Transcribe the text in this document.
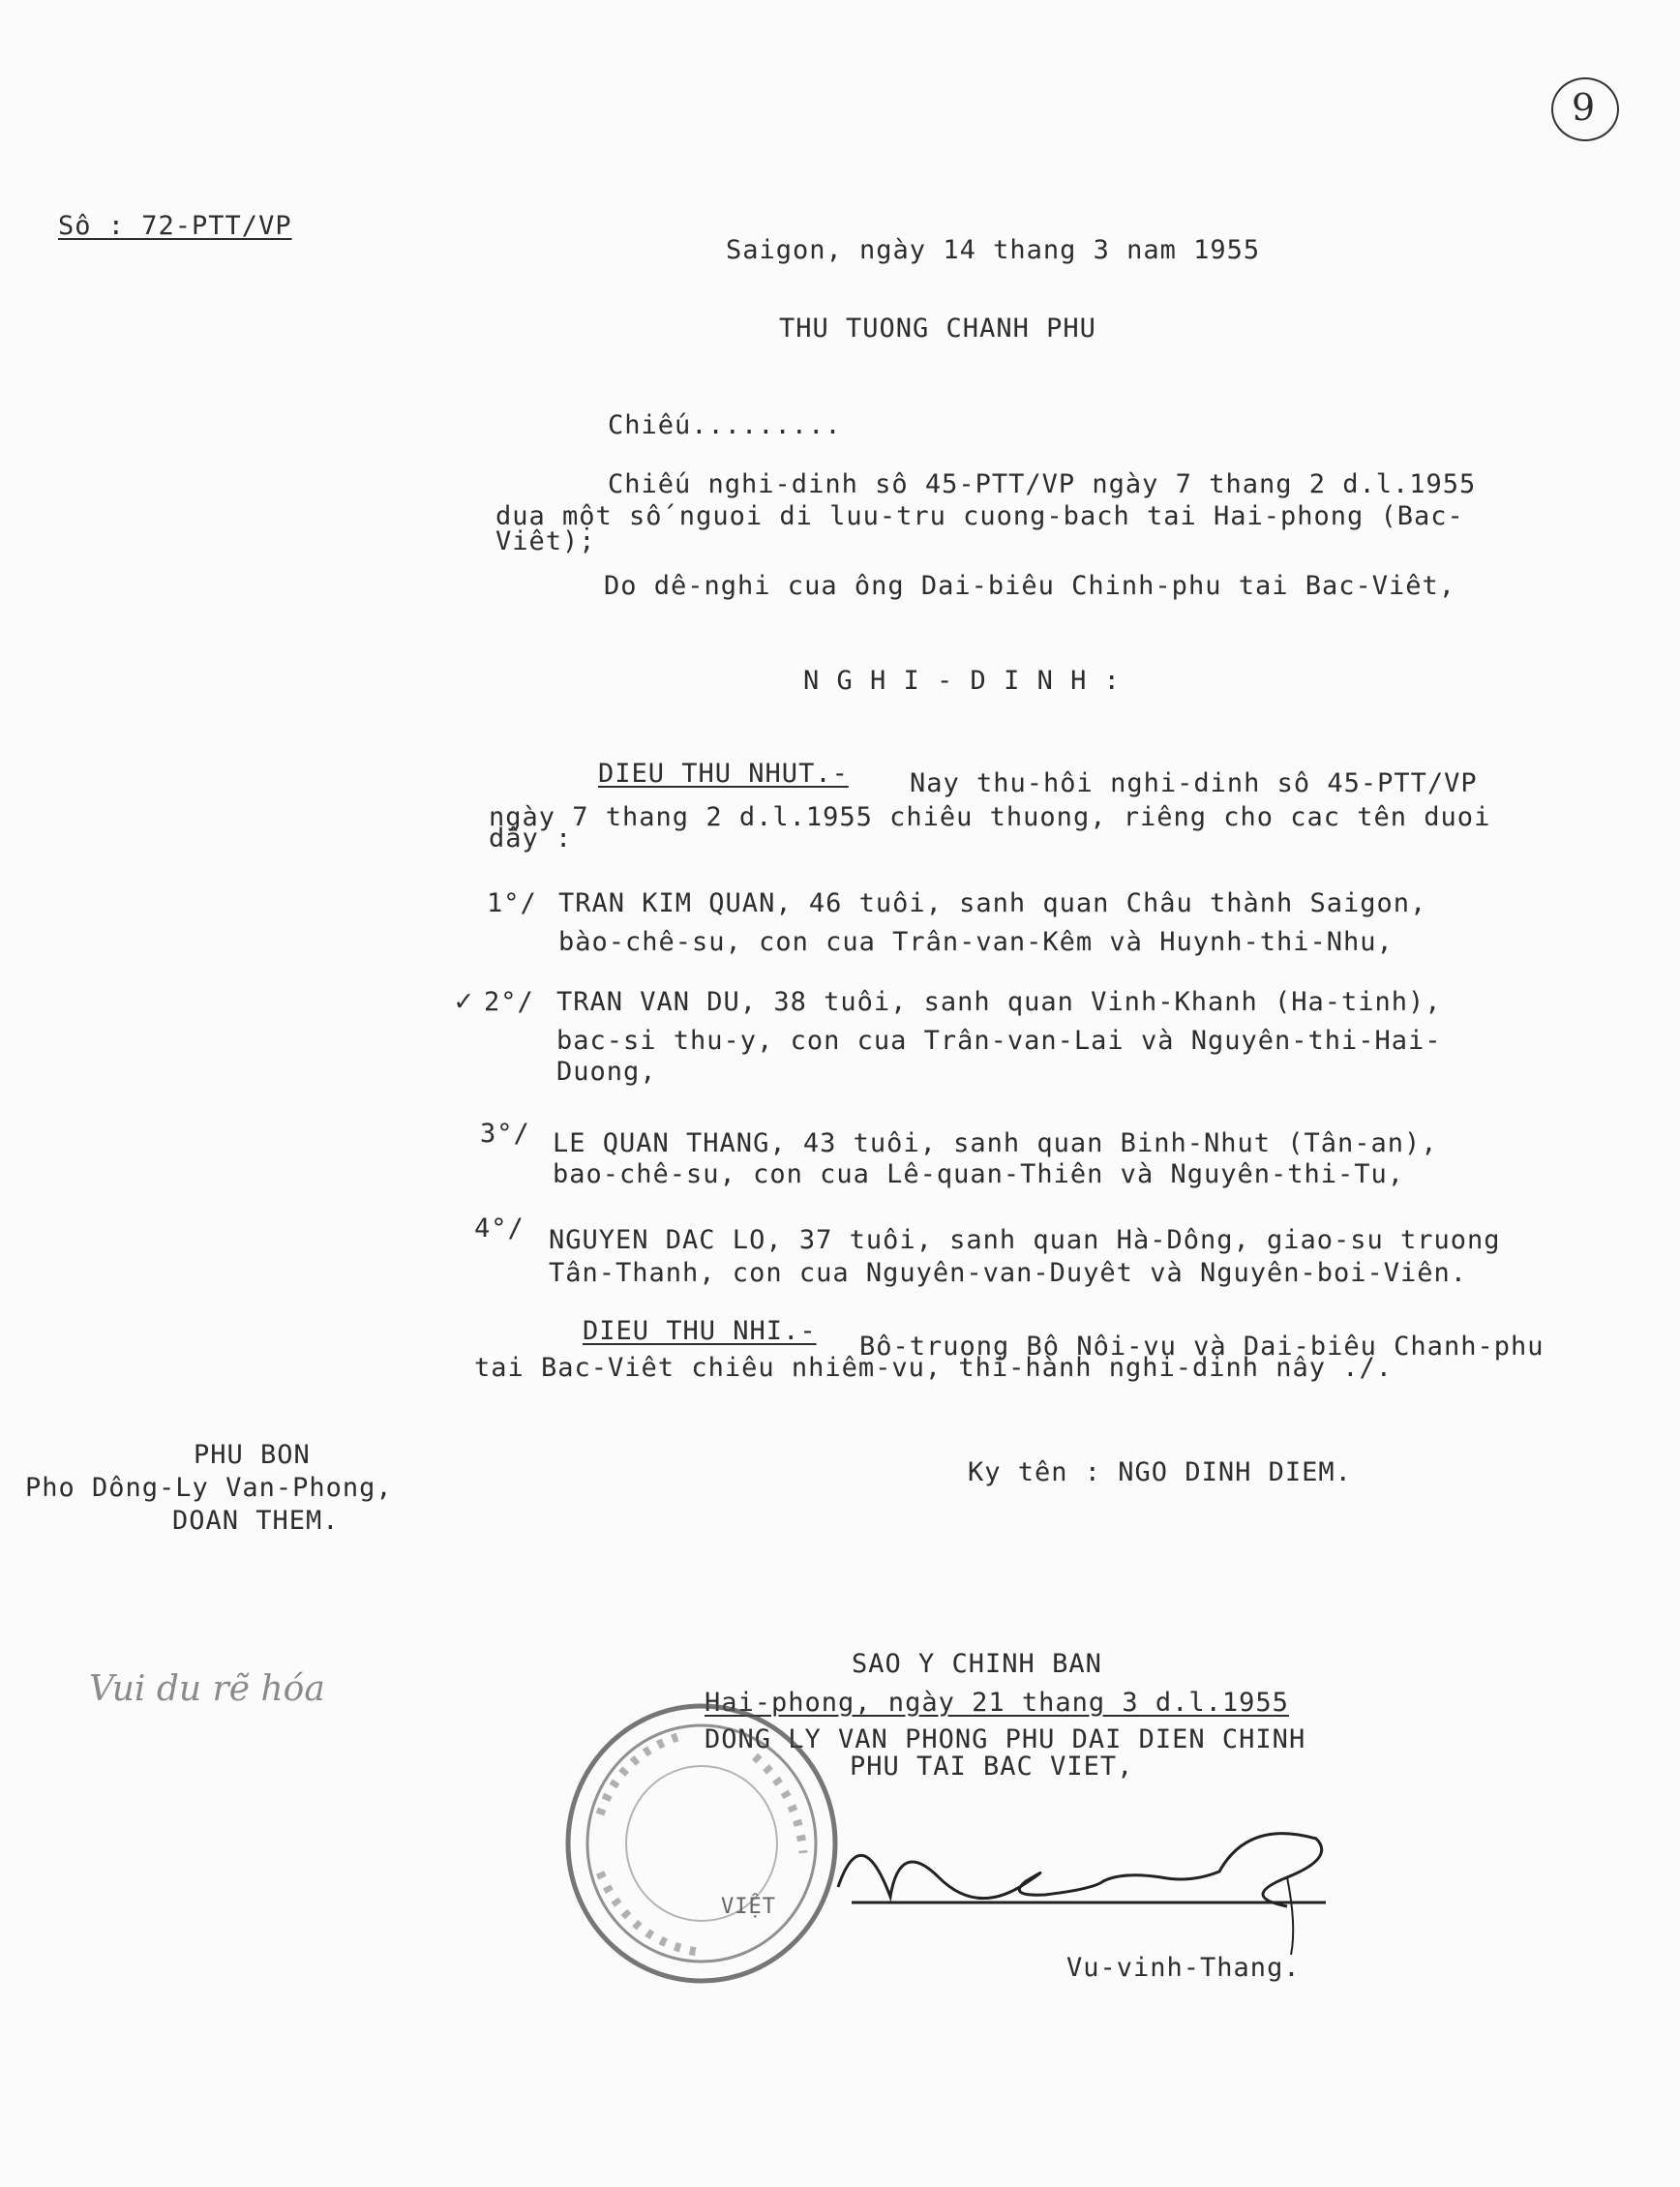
9
Sô : 72-PTT/VP
Saigon, ngày 14 thang 3 nam 1955
THU TUONG CHANH PHU
Chiếu.........
Chiếu nghi-dinh sô 45-PTT/VP ngày 7 thang 2 d.l.1955
dua một số nguoi di luu-tru cuong-bach tai Hai-phong (Bac-
Viêt);
Do dê-nghi cua ông Dai-biêu Chinh-phu tai Bac-Viêt,
N G H I - D I N H :
DIEU THU NHUT.- Nay thu-hôi nghi-dinh sô 45-PTT/VP
ngày 7 thang 2 d.l.1955 chiêu thuong, riêng cho cac tên duoi
dây :
1°/ TRAN KIM QUAN, 46 tuôi, sanh quan Châu thành Saigon,
bào-chê-su, con cua Trân-van-Kêm và Huynh-thi-Nhu,
✓ 2°/ TRAN VAN DU, 38 tuôi, sanh quan Vinh-Khanh (Ha-tinh),
bac-si thu-y, con cua Trân-van-Lai và Nguyên-thi-Hai-
Duong,
3°/ LE QUAN THANG, 43 tuôi, sanh quan Binh-Nhut (Tân-an),
bao-chê-su, con cua Lê-quan-Thiên và Nguyên-thi-Tu,
4°/ NGUYEN DAC LO, 37 tuôi, sanh quan Hà-Dông, giao-su truong
Tân-Thanh, con cua Nguyên-van-Duyêt và Nguyên-boi-Viên.
DIEU THU NHI.-
Bô-truong Bô Nôi-vu và Dai-biêu Chanh-phu
tai Bac-Viêt chiêu nhiêm-vu, thi-hành nghi-dinh nây ./.
PHU BON
Pho Dông-Ly Van-Phong,
DOAN THEM.
Ky tên : NGO DINH DIEM.
Vui du rẽ hóa
SAO Y CHINH BAN
Hai-phong, ngày 21 thang 3 d.l.1955
DONG LY VAN PHONG PHU DAI DIEN CHINH
PHU TAI BAC VIET,
VIỆT
Vu-vinh-Thang.
